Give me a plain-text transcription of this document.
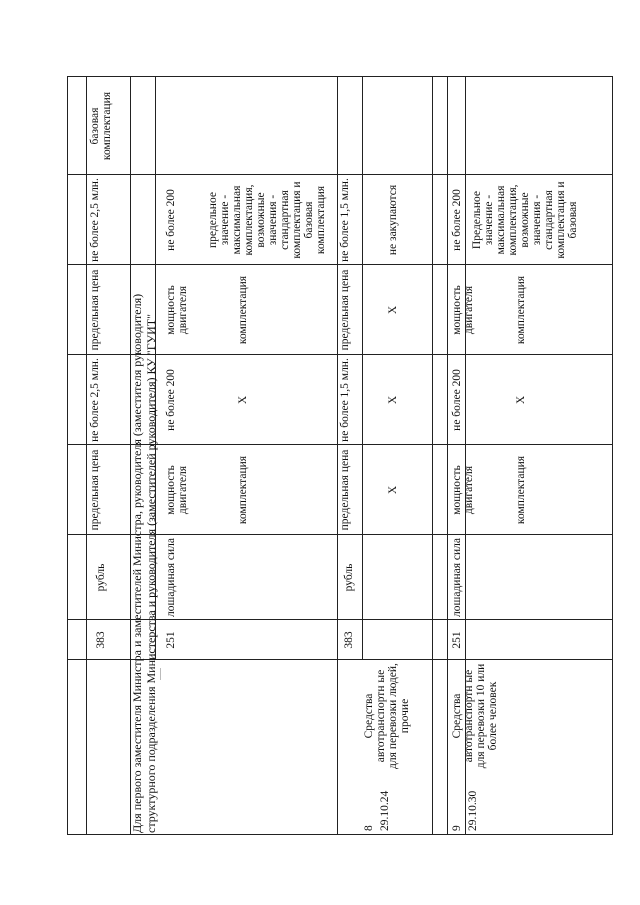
383
рубль
предельная цена
не более 2,5 млн.
предельная цена
не более 2,5 млн.
базовая комплектация
Для первого заместителя Министра и заместителей Министра, руководителя (заместителя руководителя)
структурного подразделения Министерства и руководителя (заместителей руководителя) КУ "ГУИТ"
251
лошадиная сила
мощность двигателя
не более 200
мощность двигателя
не более 200
комплектация
X
комплектация
предельное значение - максимальная комплектация, возможные значения - стандартная комплектация и базовая комплектация
383
рубль
предельная цена
не более 1,5 млн.
предельная цена
не более 1,5 млн.
8 29.10.24
Средства автотранспортн ые для перевозки людей, прочие
X
X
X
не закупаются
9 29.10.30
Средства автотранспортн ые для перевозки 10 или более человек
251
лошадиная сила
мощность двигателя
не более 200
мощность двигателя
не более 200
комплектация
X
комплектация
Предельное значение - максимальная комплектация, возможные значения - стандартная комплектация и базовая
